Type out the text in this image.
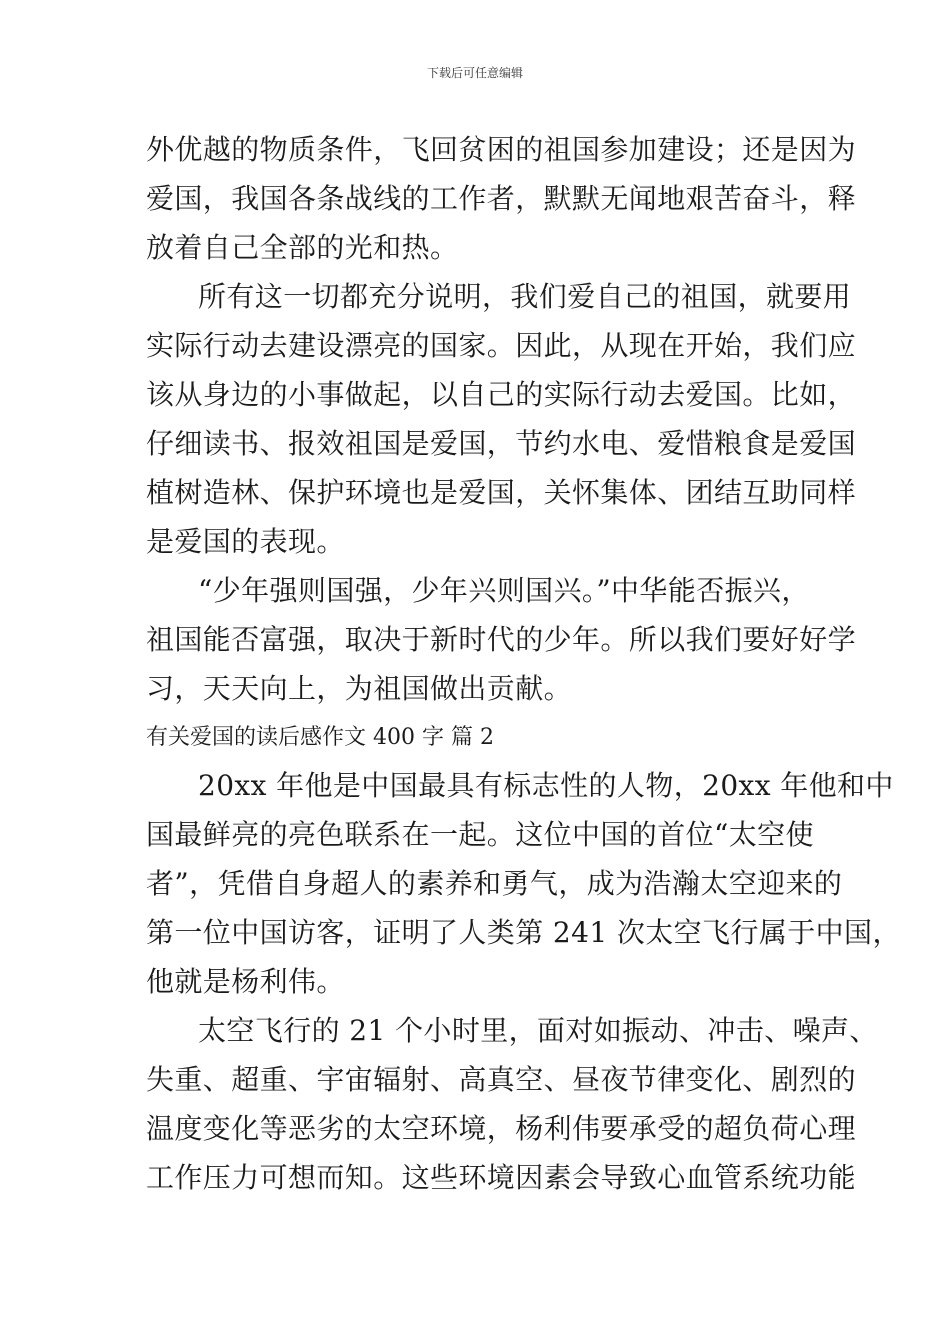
下载后可任意编辑
外优越的物质条件，飞回贫困的祖国参加建设；还是因为
爱国，我国各条战线的工作者，默默无闻地艰苦奋斗，释
放着自己全部的光和热。
所有这一切都充分说明，我们爱自己的祖国，就要用
实际行动去建设漂亮的国家。因此，从现在开始，我们应
该从身边的小事做起，以自己的实际行动去爱国。比如，
仔细读书、报效祖国是爱国，节约水电、爱惜粮食是爱国
植树造林、保护环境也是爱国，关怀集体、团结互助同样
是爱国的表现。
“少年强则国强，少年兴则国兴。”中华能否振兴，
祖国能否富强，取决于新时代的少年。所以我们要好好学
习，天天向上，为祖国做出贡献。
有关爱国的读后感作文 400 字 篇 2
20xx 年他是中国最具有标志性的人物，20xx 年他和中
国最鲜亮的亮色联系在一起。这位中国的首位“太空使
者”，凭借自身超人的素养和勇气，成为浩瀚太空迎来的
第一位中国访客，证明了人类第 241 次太空飞行属于中国，
他就是杨利伟。
太空飞行的 21 个小时里，面对如振动、冲击、噪声、
失重、超重、宇宙辐射、高真空、昼夜节律变化、剧烈的
温度变化等恶劣的太空环境，杨利伟要承受的超负荷心理
工作压力可想而知。这些环境因素会导致心血管系统功能
